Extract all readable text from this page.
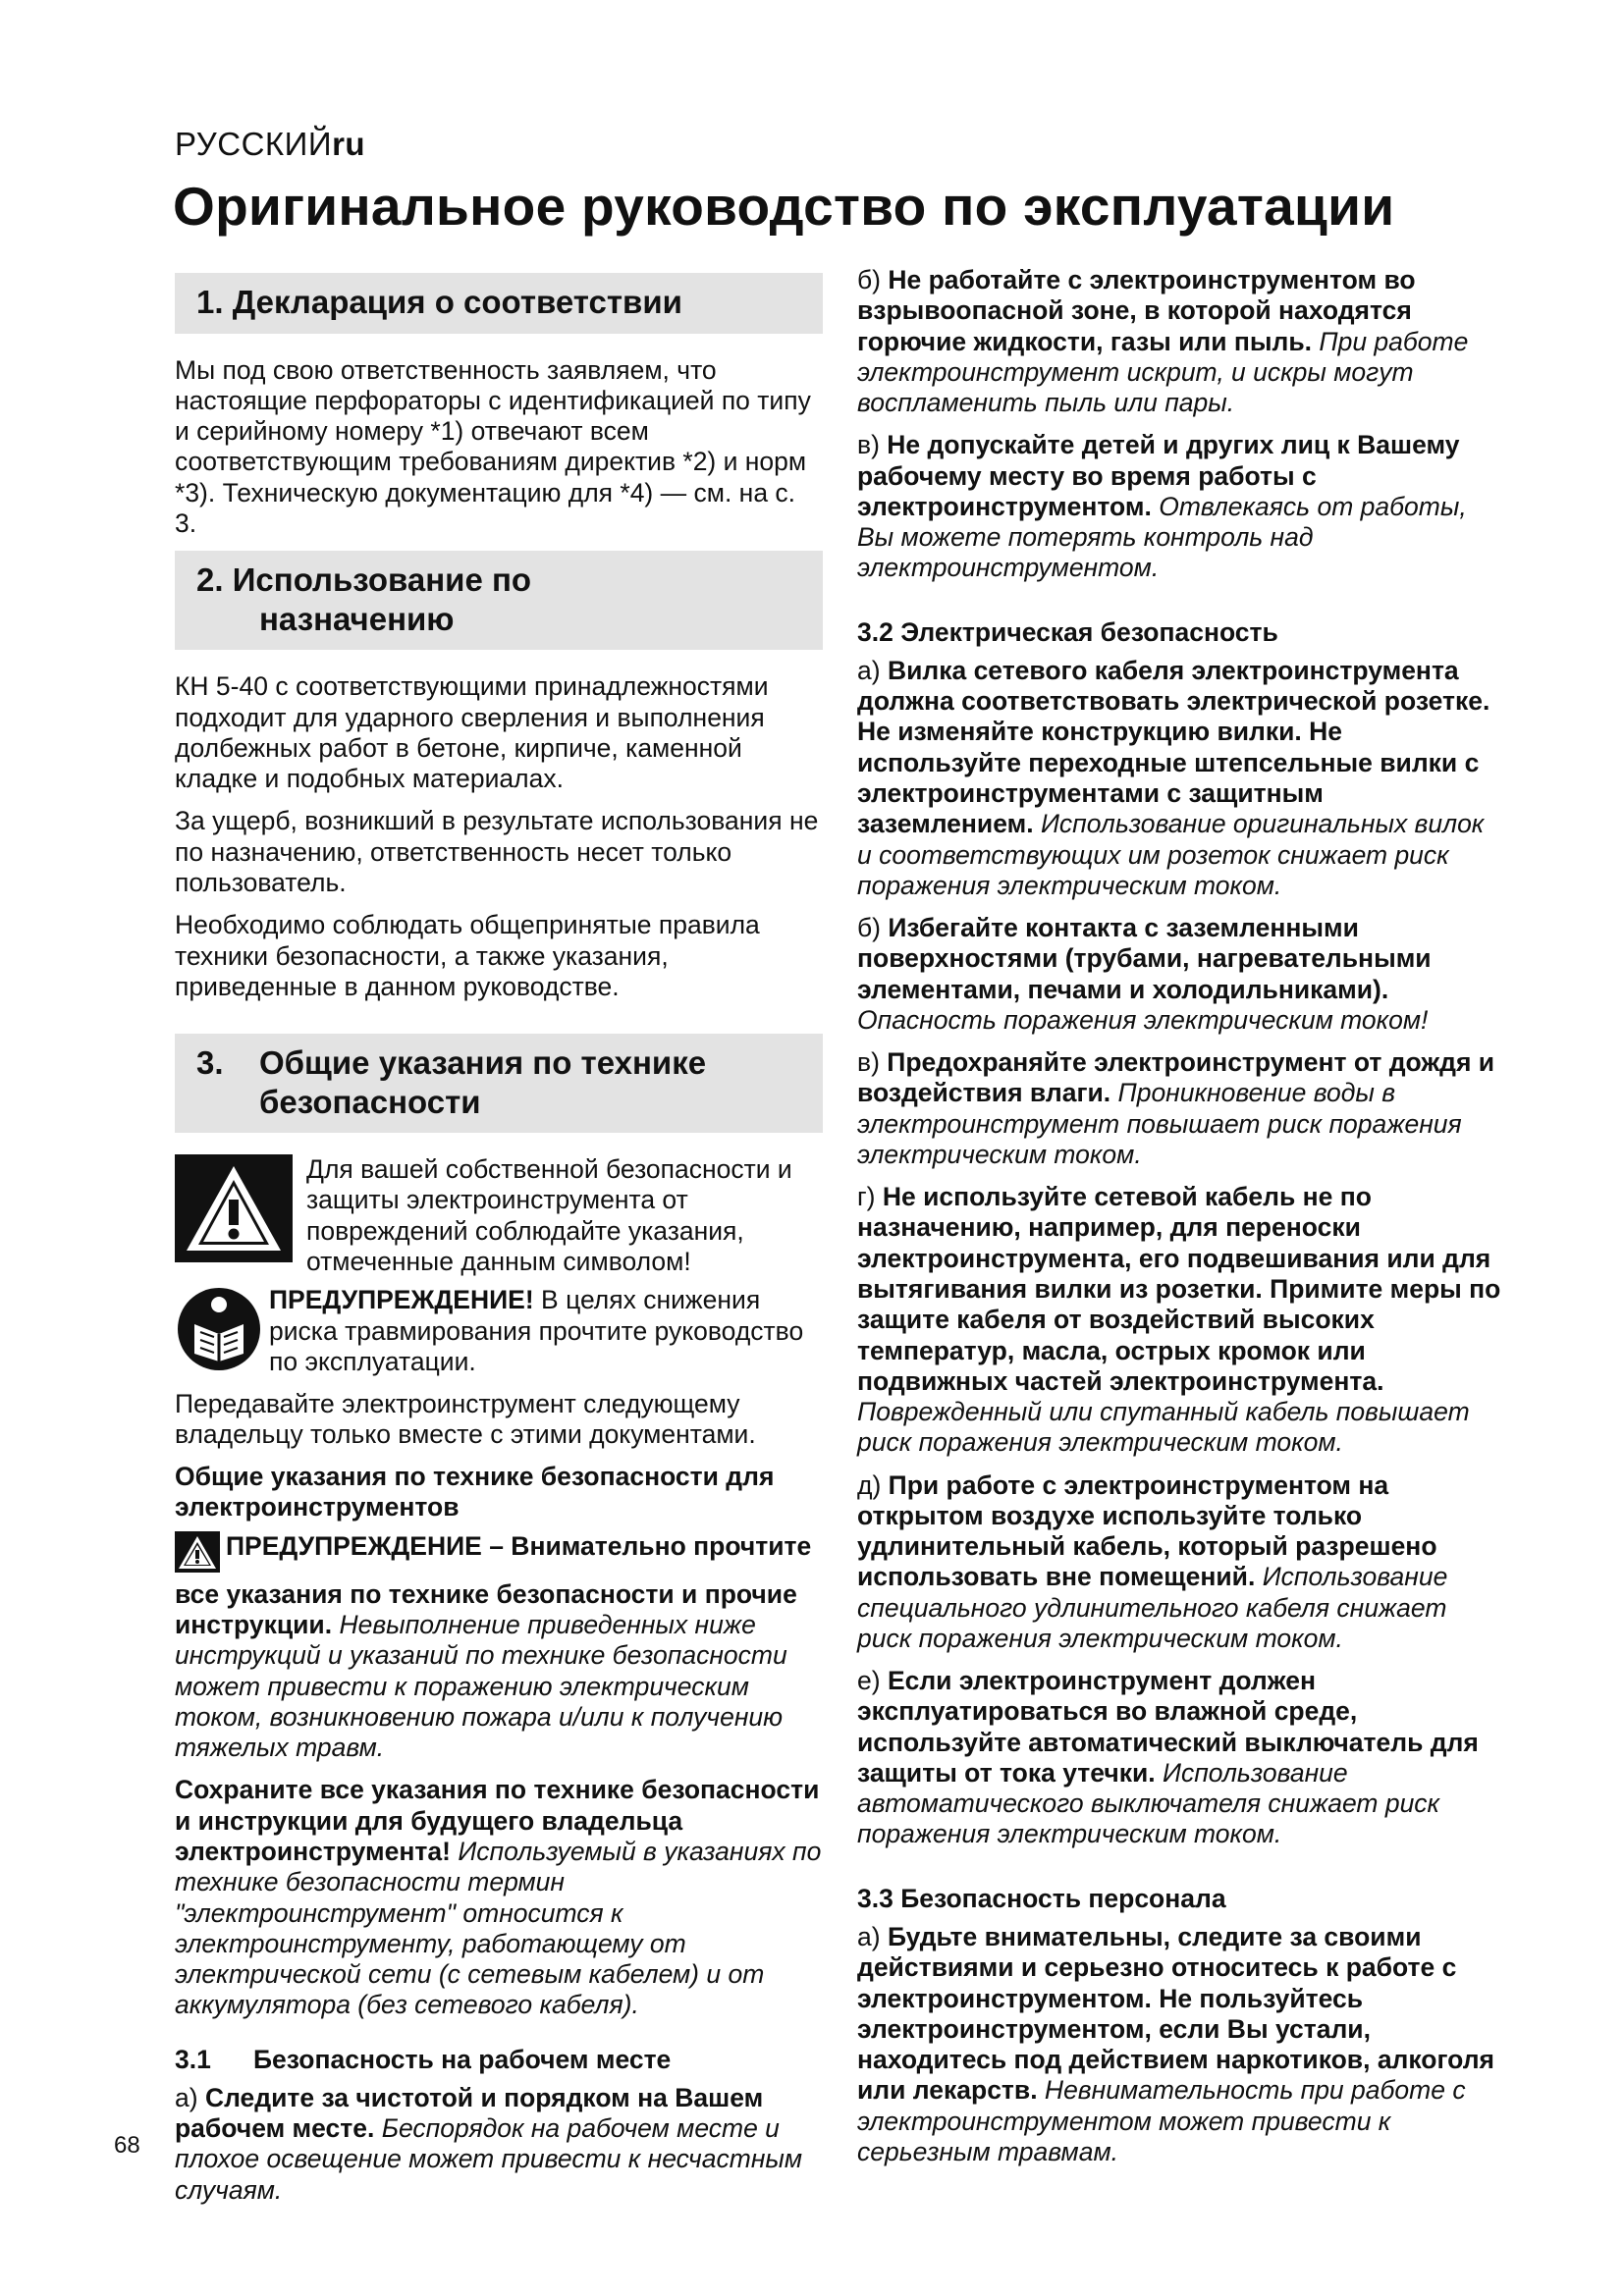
РУССКИЙru
Оригинальное руководство по эксплуатации
1. Декларация о соответствии

Мы под свою ответственность заявляем, что настоящие перфораторы с идентификацией по типу и серийному номеру *1) отвечают всем соответствующим требованиям директив *2) и норм *3). Техническую документацию для *4) — см. на с. 3.

2. Использование по
назначению

КН 5-40 с соответствующими принадлежностями подходит для ударного сверления и выполнения долбежных работ в бетоне, кирпиче, каменной кладке и подобных материалах.

За ущерб, возникший в результате использования не по назначению, ответственность несет только пользователь.

Необходимо соблюдать общепринятые правила техники безопасности, а также указания, приведенные в данном руководстве.

3.	Общие указания по технике безопасности
Для вашей собственной безопасности и защиты электроинструмента от повреждений соблюдайте указания, отмеченные данным символом!
ПРЕДУПРЕЖДЕНИЕ! В целях снижения риска травмирования прочтите руководство по эксплуатации.

Передавайте электроинструмент следующему владельцу только вместе с этими документами.

Общие указания по технике безопасности для электроинструментов

ПРЕДУПРЕЖДЕНИЕ – Внимательно прочтите все указания по технике безопасности и прочие инструкции. Невыполнение приведенных ниже инструкций и указаний по технике безопасности может привести к поражению электрическим током, возникновению пожара и/или к получению тяжелых травм.

Сохраните все указания по технике безопасности и инструкции для будущего владельца электроинструмента! Используемый в указаниях по технике безопасности термин "электроинструмент" относится к электроинструменту, работающему от электрической сети (с сетевым кабелем) и от аккумулятора (без сетевого кабеля).

3.1 Безопасность на рабочем месте

а) Следите за чистотой и порядком на Вашем рабочем месте. Беспорядок на рабочем месте и плохое освещение может привести к несчастным случаям.

б) Не работайте с электроинструментом во взрывоопасной зоне, в которой находятся горючие жидкости, газы или пыль. При работе электроинструмент искрит, и искры могут воспламенить пыль или пары.

в) Не допускайте детей и других лиц к Вашему рабочему месту во время работы с электроинструментом. Отвлекаясь от работы, Вы можете потерять контроль над электроинструментом.

3.2 Электрическая безопасность

а) Вилка сетевого кабеля электроинструмента должна соответствовать электрической розетке. Не изменяйте конструкцию вилки. Не используйте переходные штепсельные вилки с электроинструментами с защитным заземлением. Использование оригинальных вилок и соответствующих им розеток снижает риск поражения электрическим током.

б) Избегайте контакта с заземленными поверхностями (трубами, нагревательными элементами, печами и холодильниками). Опасность поражения электрическим током!

в) Предохраняйте электроинструмент от дождя и воздействия влаги. Проникновение воды в электроинструмент повышает риск поражения электрическим током.

г) Не используйте сетевой кабель не по назначению, например, для переноски электроинструмента, его подвешивания или для вытягивания вилки из розетки. Примите меры по защите кабеля от воздействий высоких температур, масла, острых кромок или подвижных частей электроинструмента. Поврежденный или спутанный кабель повышает риск поражения электрическим током.

д) При работе с электроинструментом на открытом воздухе используйте только удлинительный кабель, который разрешено использовать вне помещений. Использование специального удлинительного кабеля снижает риск поражения электрическим током.

е) Если электроинструмент должен эксплуатироваться во влажной среде, используйте автоматический выключатель для защиты от тока утечки. Использование автоматического выключателя снижает риск поражения электрическим током.

3.3 Безопасность персонала

а) Будьте внимательны, следите за своими действиями и серьезно относитесь к работе с электроинструментом. Не пользуйтесь электроинструментом, если Вы устали, находитесь под действием наркотиков, алкоголя или лекарств. Невнимательность при работе с электроинструментом может привести к серьезным травмам.

68
